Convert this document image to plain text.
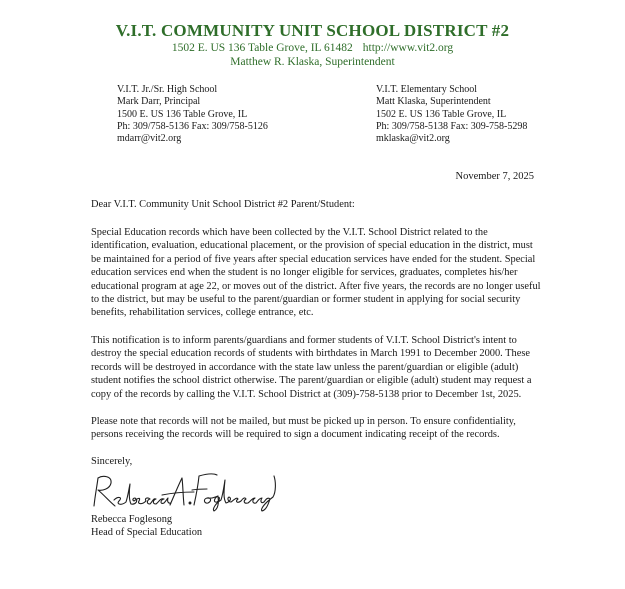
V.I.T. COMMUNITY UNIT SCHOOL DISTRICT #2
1502 E. US 136 Table Grove, IL 61482 http://www.vit2.org
Matthew R. Klaska, Superintendent
V.I.T. Jr./Sr. High School
Mark Darr, Principal
1500 E. US 136 Table Grove, IL
Ph: 309/758-5136 Fax: 309/758-5126
mdarr@vit2.org
V.I.T. Elementary School
Matt Klaska, Superintendent
1502 E. US 136 Table Grove, IL
Ph: 309/758-5138 Fax: 309-758-5298
mklaska@vit2.org
November 7, 2025
Dear V.I.T. Community Unit School District #2 Parent/Student:
Special Education records which have been collected by the V.I.T. School District related to the identification, evaluation, educational placement, or the provision of special education in the district, must be maintained for a period of five years after special education services have ended for the student. Special education services end when the student is no longer eligible for services, graduates, completes his/her educational program at age 22, or moves out of the district. After five years, the records are no longer useful to the district, but may be useful to the parent/guardian or former student in applying for social security benefits, rehabilitation services, college entrance, etc.
This notification is to inform parents/guardians and former students of V.I.T. School District's intent to destroy the special education records of students with birthdates in March 1991 to December 2000. These records will be destroyed in accordance with the state law unless the parent/guardian or eligible (adult) student notifies the school district otherwise. The parent/guardian or eligible (adult) student may request a copy of the records by calling the V.I.T. School District at (309)-758-5138 prior to December 1st, 2025.
Please note that records will not be mailed, but must be picked up in person. To ensure confidentiality, persons receiving the records will be required to sign a document indicating receipt of the records.
Sincerely,
Rebecca Foglesong
Head of Special Education
